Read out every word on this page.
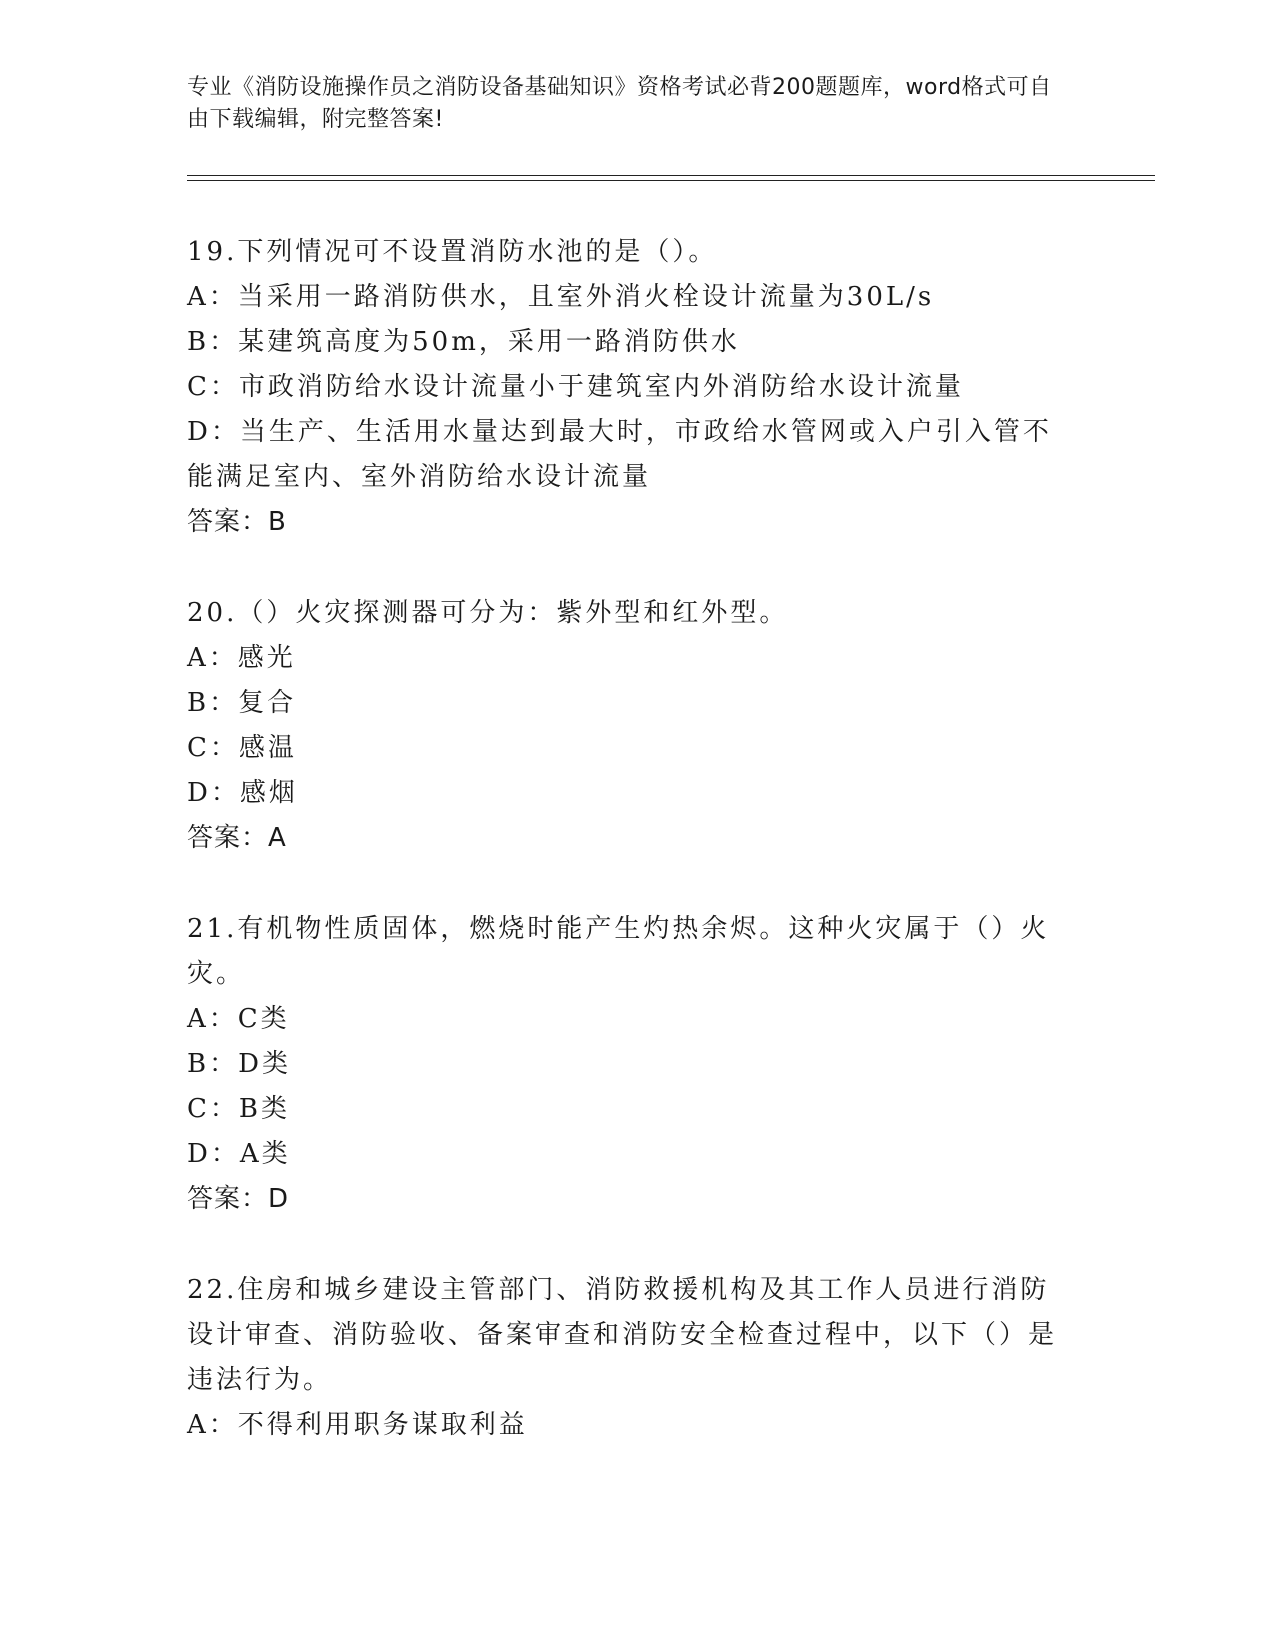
专业《消防设施操作员之消防设备基础知识》资格考试必背200题题库，word格式可自由下载编辑，附完整答案!

19.下列情况可不设置消防水池的是（）。

A：当采用一路消防供水，且室外消火栓设计流量为30L/s

B：某建筑高度为50m，采用一路消防供水

C：市政消防给水设计流量小于建筑室内外消防给水设计流量

D：当生产、生活用水量达到最大时，市政给水管网或入户引入管不能满足室内、室外消防给水设计流量

答案：B

20.（）火灾探测器可分为：紫外型和红外型。

A：感光

B：复合

C：感温

D：感烟

答案：A

21.有机物性质固体，燃烧时能产生灼热余烬。这种火灾属于（）火灾。

A：C类

B：D类

C：B类

D：A类

答案：D

22.住房和城乡建设主管部门、消防救援机构及其工作人员进行消防设计审查、消防验收、备案审查和消防安全检查过程中，以下（）是违法行为。

A：不得利用职务谋取利益
